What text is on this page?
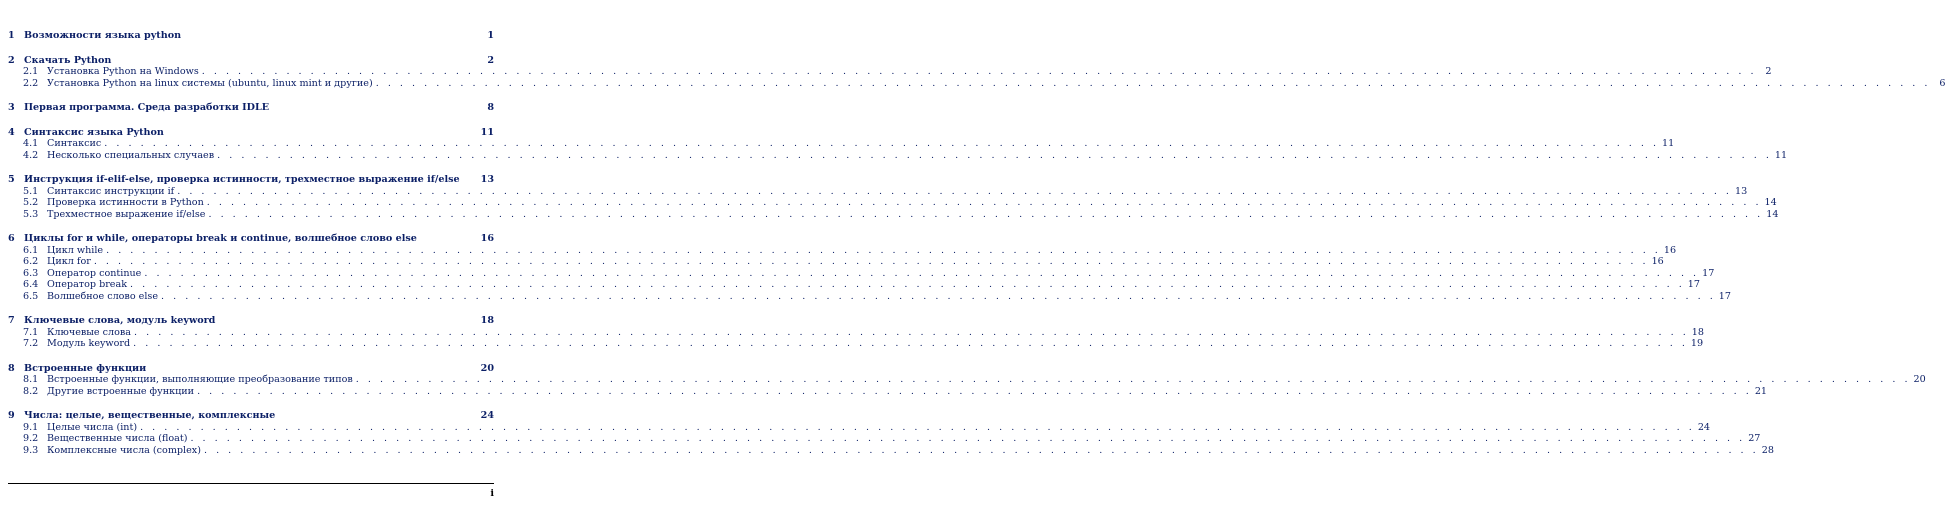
1 Возможности языка python	1
2 Скачать Python	2
2.1 Установка Python на Windows . . .	2
2.2 Установка Python на linux системы (ubuntu, linux mint и другие) . . .	6
3 Первая программа. Среда разработки IDLE	8
4 Синтаксис языка Python	11
4.1 Синтаксис . . .	11
4.2 Несколько специальных случаев . . .	11
5 Инструкция if-elif-else, проверка истинности, трехместное выражение if/else 13
5.1 Синтаксис инструкции if . . .	13
5.2 Проверка истинности в Python . . .	14
5.3 Трехместное выражение if/else . . .	14
6 Циклы for и while, операторы break и continue, волшебное слово else	16
6.1 Цикл while . . .	16
6.2 Цикл for . . .	16
6.3 Оператор continue . . .	17
6.4 Оператор break . . .	17
6.5 Волшебное слово else . . .	17
7 Ключевые слова, модуль keyword	18
7.1 Ключевые слова . . .	18
7.2 Модуль keyword . . .	19
8 Встроенные функции	20
8.1 Встроенные функции, выполняющие преобразование типов . . .	20
8.2 Другие встроенные функции . . .	21
9 Числа: целые, вещественные, комплексные	24
9.1 Целые числа (int) . . .	24
9.2 Вещественные числа (float) . . .	27
9.3 Комплексные числа (complex) . . .	28
i
